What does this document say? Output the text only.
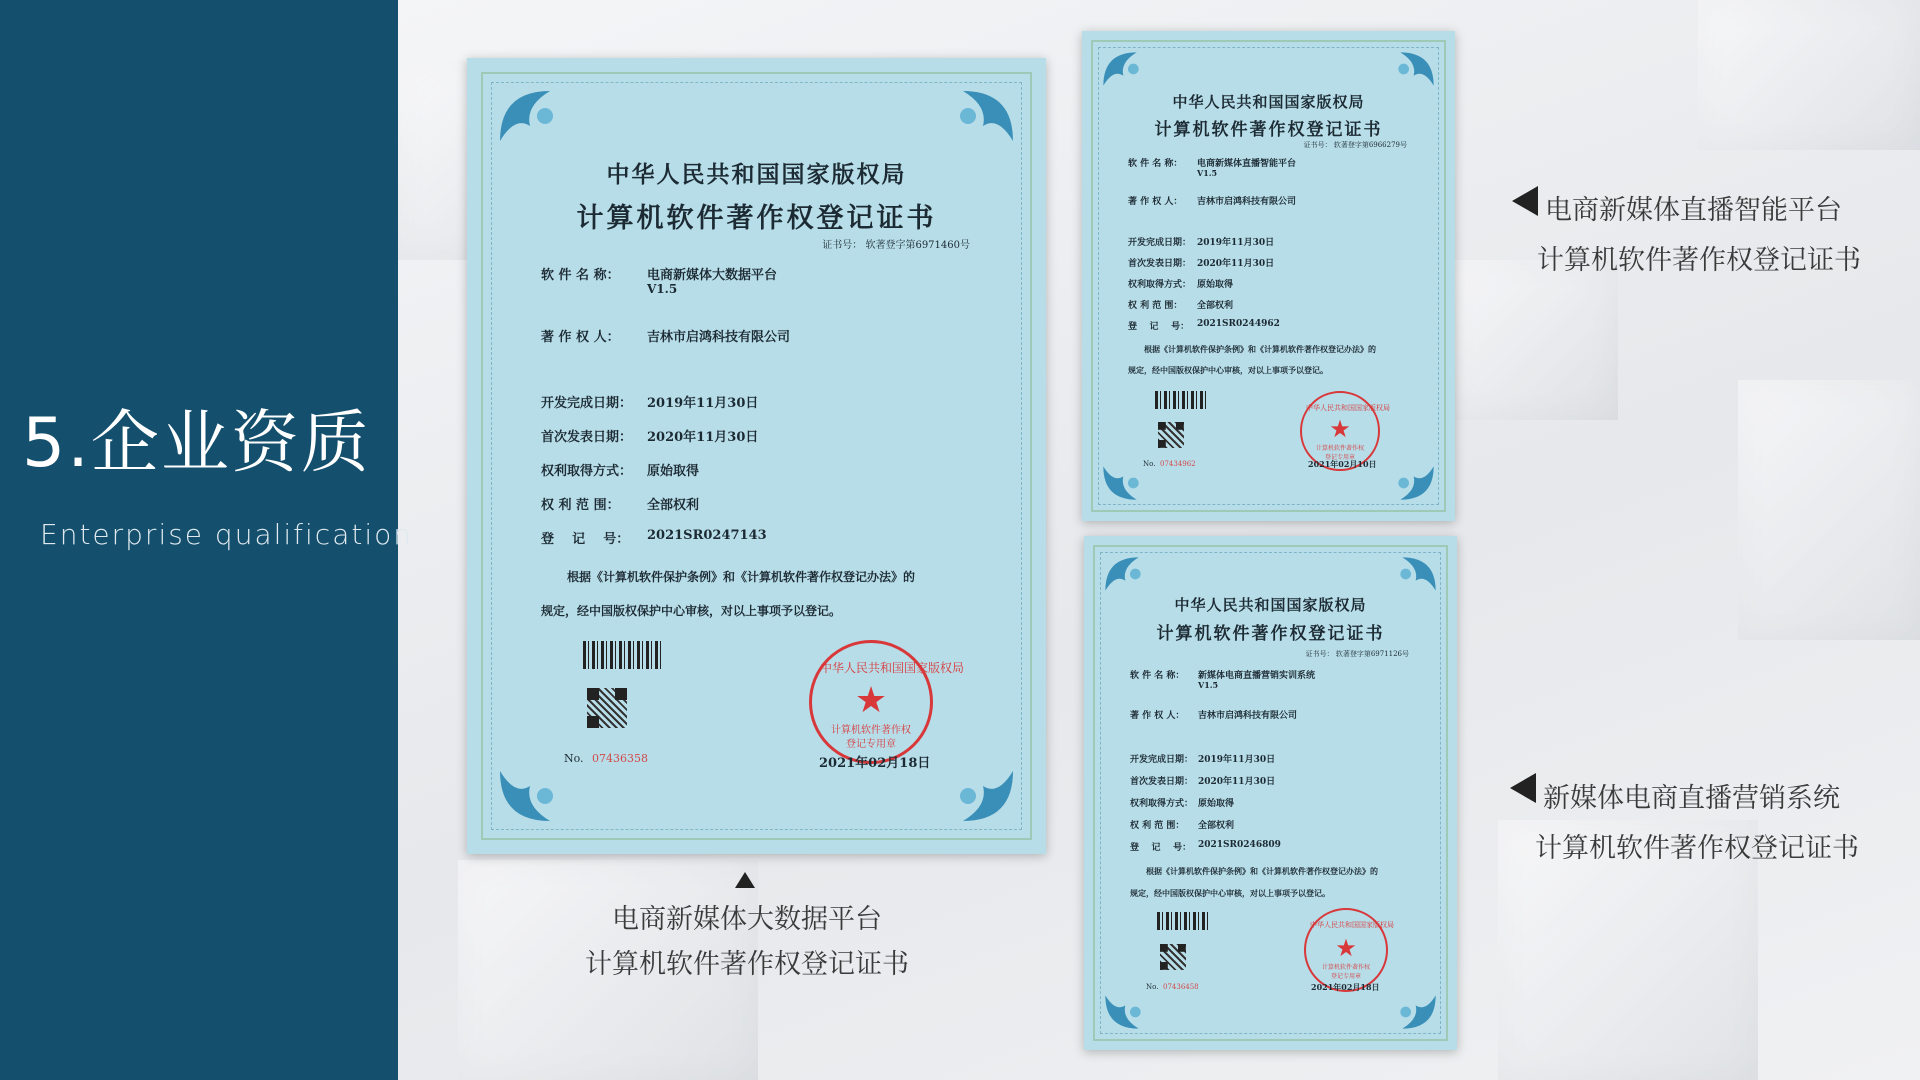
5.企业资质
Enterprise qualification
中华人民共和国国家版权局
计算机软件著作权登记证书
证书号： 软著登字第6971460号
软 件 名 称： 电商新媒体大数据平台
V1.5
著 作 权 人： 吉林市启鸿科技有限公司
开发完成日期： 2019年11月30日
首次发表日期： 2020年11月30日
权利取得方式： 原始取得
权 利 范 围： 全部权利
登    记    号： 2021SR0247143
根据《计算机软件保护条例》和《计算机软件著作权登记办法》的
规定，经中国版权保护中心审核，对以上事项予以登记。
No. 07436358
中华人民共和国国家版权局
★
计算机软件著作权
登记专用章
2021年02月18日
中华人民共和国国家版权局
计算机软件著作权登记证书
证书号： 软著登字第6966279号
软 件 名 称： 电商新媒体直播智能平台
V1.5
著 作 权 人： 吉林市启鸿科技有限公司
开发完成日期： 2019年11月30日
首次发表日期： 2020年11月30日
权利取得方式： 原始取得
权 利 范 围： 全部权利
登    记    号： 2021SR0244962
根据《计算机软件保护条例》和《计算机软件著作权登记办法》的
规定，经中国版权保护中心审核，对以上事项予以登记。
No. 07434962
中华人民共和国国家版权局
★
计算机软件著作权
登记专用章
2021年02月10日
中华人民共和国国家版权局
计算机软件著作权登记证书
证书号： 软著登字第6971126号
软 件 名 称： 新媒体电商直播营销实训系统
V1.5
著 作 权 人： 吉林市启鸿科技有限公司
开发完成日期： 2019年11月30日
首次发表日期： 2020年11月30日
权利取得方式： 原始取得
权 利 范 围： 全部权利
登    记    号： 2021SR0246809
根据《计算机软件保护条例》和《计算机软件著作权登记办法》的
规定，经中国版权保护中心审核，对以上事项予以登记。
No. 07436458
中华人民共和国国家版权局
★
计算机软件著作权
登记专用章
2021年02月18日
电商新媒体大数据平台
计算机软件著作权登记证书
电商新媒体直播智能平台
计算机软件著作权登记证书
新媒体电商直播营销系统
计算机软件著作权登记证书
